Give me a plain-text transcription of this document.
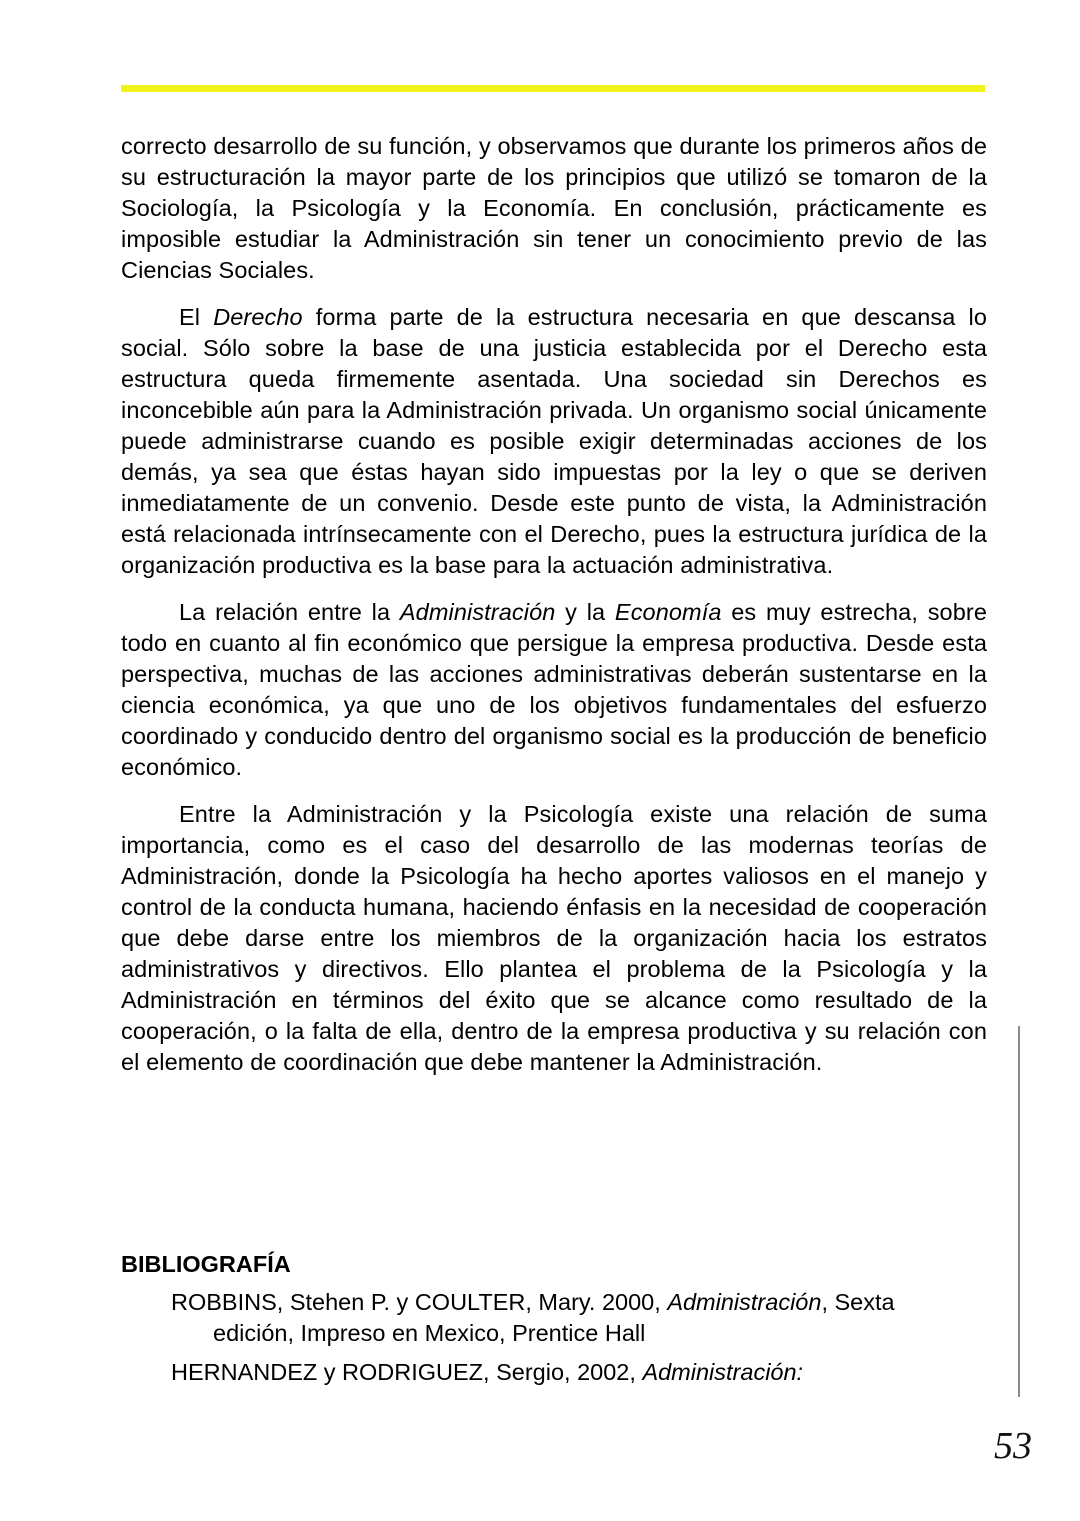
correcto desarrollo de su función, y observamos que durante los primeros años de su estructuración la mayor parte de los principios que utilizó se tomaron de la Sociología, la Psicología y la Economía. En conclusión, prácticamente es imposible estudiar la Administración sin tener un conocimiento previo de las Ciencias Sociales.

El Derecho forma parte de la estructura necesaria en que descansa lo social. Sólo sobre la base de una justicia establecida por el Derecho esta estructura queda firmemente asentada. Una sociedad sin Derechos es inconcebible aún para la Administración privada. Un organismo social únicamente puede administrarse cuando es posible exigir determinadas acciones de los demás, ya sea que éstas hayan sido impuestas por la ley o que se deriven inmediatamente de un convenio. Desde este punto de vista, la Administración está relacionada intrínsecamente con el Derecho, pues la estructura jurídica de la organización productiva es la base para la actuación administrativa.

La relación entre la Administración y la Economía es muy estrecha, sobre todo en cuanto al fin económico que persigue la empresa productiva. Desde esta perspectiva, muchas de las acciones administrativas deberán sustentarse en la ciencia económica, ya que uno de los objetivos fundamentales del esfuerzo coordinado y conducido dentro del organismo social es la producción de beneficio económico.

Entre la Administración y la Psicología existe una relación de suma importancia, como es el caso del desarrollo de las modernas teorías de Administración, donde la Psicología ha hecho aportes valiosos en el manejo y control de la conducta humana, haciendo énfasis en la necesidad de cooperación que debe darse entre los miembros de la organización hacia los estratos administrativos y directivos. Ello plantea el problema de la Psicología y la Administración en términos del éxito que se alcance como resultado de la cooperación, o la falta de ella, dentro de la empresa productiva y su relación con el elemento de coordinación que debe mantener la Administración.

BIBLIOGRAFÍA

ROBBINS, Stehen P. y COULTER, Mary. 2000, Administración, Sexta
edición, Impreso en Mexico, Prentice Hall

HERNANDEZ y RODRIGUEZ, Sergio, 2002, Administración:

53
